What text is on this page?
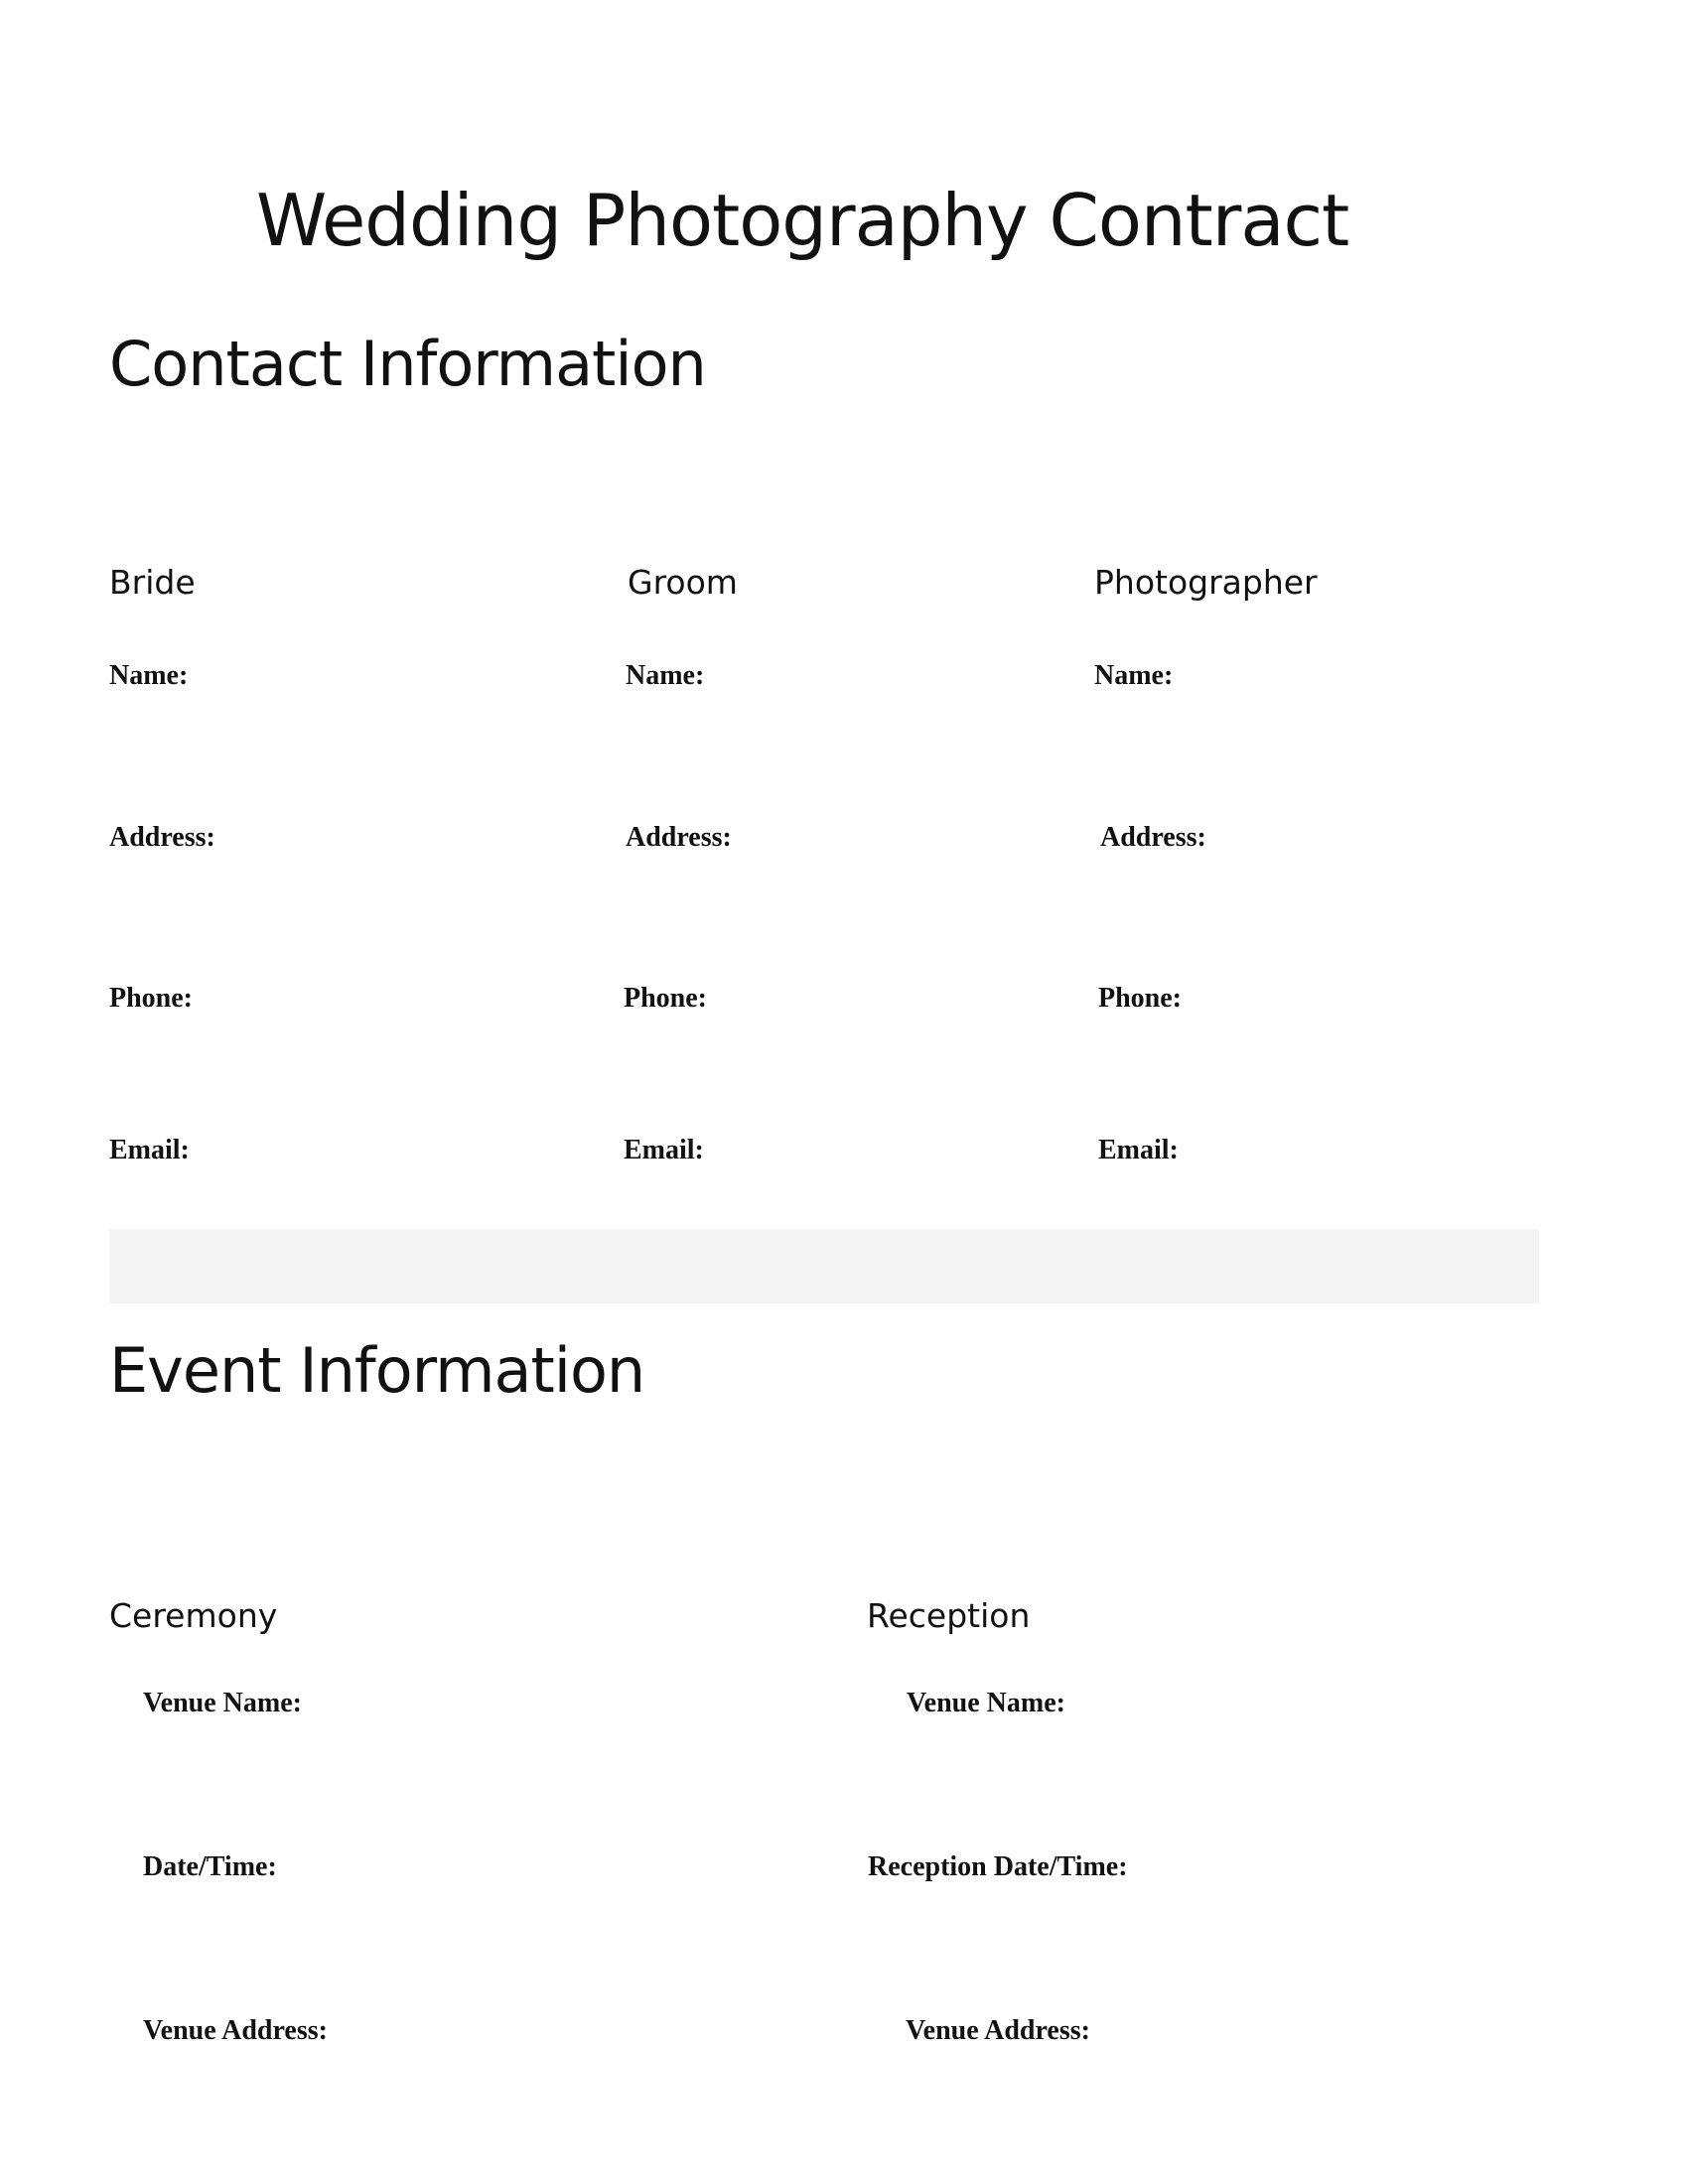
Wedding Photography Contract
Contact Information
Bride
Name:
Address:
Phone:
Email:
Groom
Name:
Address:
Phone:
Email:
Photographer
Name:
Address:
Phone:
Email:
Event Information
Ceremony
Venue Name:
Date/Time:
Venue Address:
Reception
Venue Name:
Reception Date/Time:
Venue Address:
